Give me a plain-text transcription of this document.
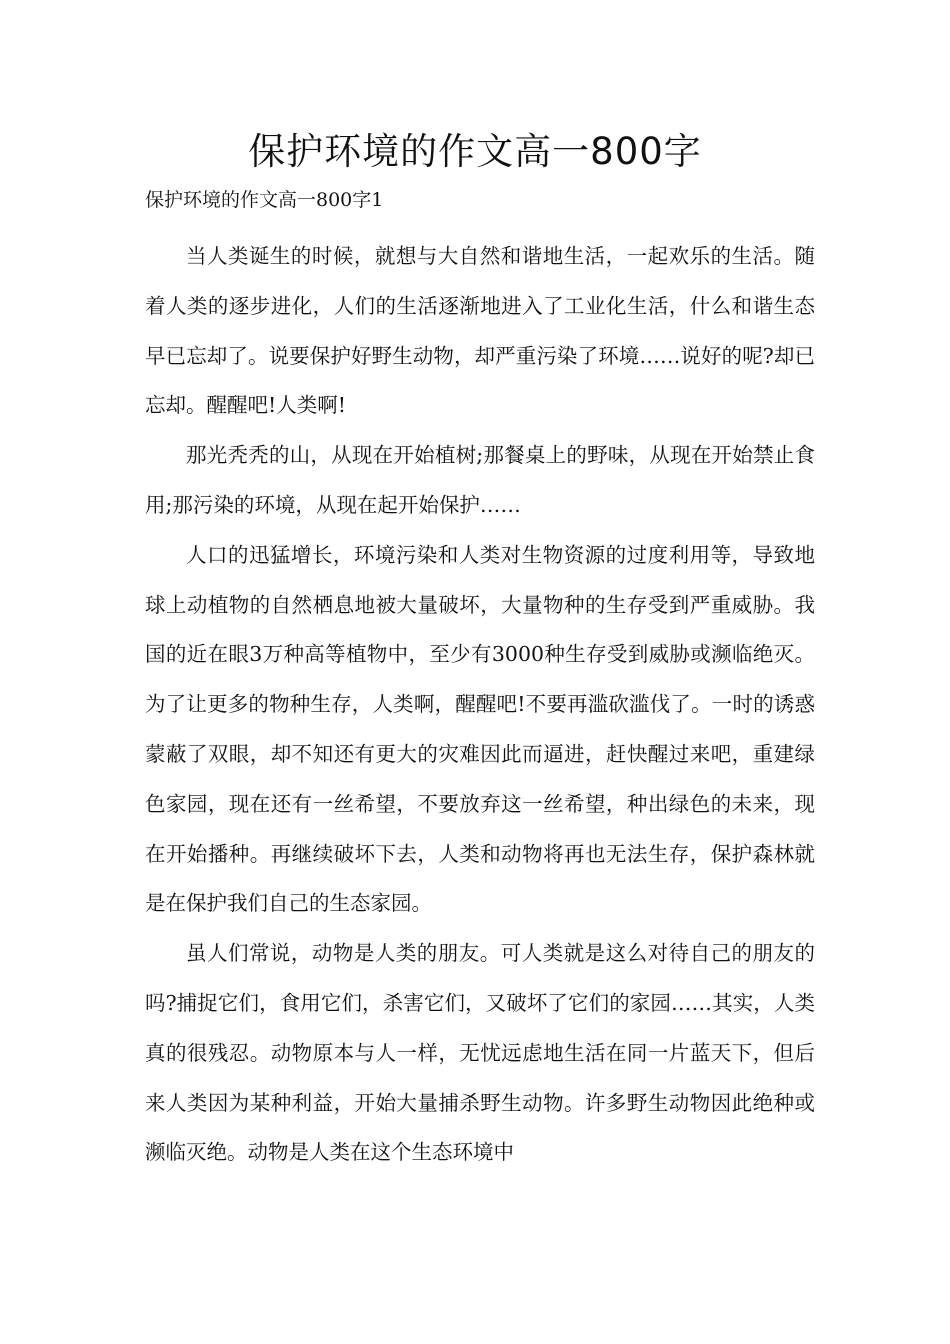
保护环境的作文高一800字

保护环境的作文高一800字1

当人类诞生的时候，就想与大自然和谐地生活，一起欢乐的生活。随着人类的逐步进化，人们的生活逐渐地进入了工业化生活，什么和谐生态早已忘却了。说要保护好野生动物，却严重污染了环境……说好的呢?却已忘却。醒醒吧!人类啊!

那光秃秃的山，从现在开始植树;那餐桌上的野味，从现在开始禁止食用;那污染的环境，从现在起开始保护……

人口的迅猛增长，环境污染和人类对生物资源的过度利用等，导致地球上动植物的自然栖息地被大量破坏，大量物种的生存受到严重威胁。我国的近在眼3万种高等植物中，至少有3000种生存受到威胁或濒临绝灭。为了让更多的物种生存，人类啊，醒醒吧!不要再滥砍滥伐了。一时的诱惑蒙蔽了双眼，却不知还有更大的灾难因此而逼进，赶快醒过来吧，重建绿色家园，现在还有一丝希望，不要放弃这一丝希望，种出绿色的未来，现在开始播种。再继续破坏下去，人类和动物将再也无法生存，保护森林就是在保护我们自己的生态家园。

虽人们常说，动物是人类的朋友。可人类就是这么对待自己的朋友的吗?捕捉它们，食用它们，杀害它们，又破坏了它们的家园……其实，人类真的很残忍。动物原本与人一样，无忧远虑地生活在同一片蓝天下，但后来人类因为某种利益，开始大量捕杀野生动物。许多野生动物因此绝种或濒临灭绝。动物是人类在这个生态环境中
